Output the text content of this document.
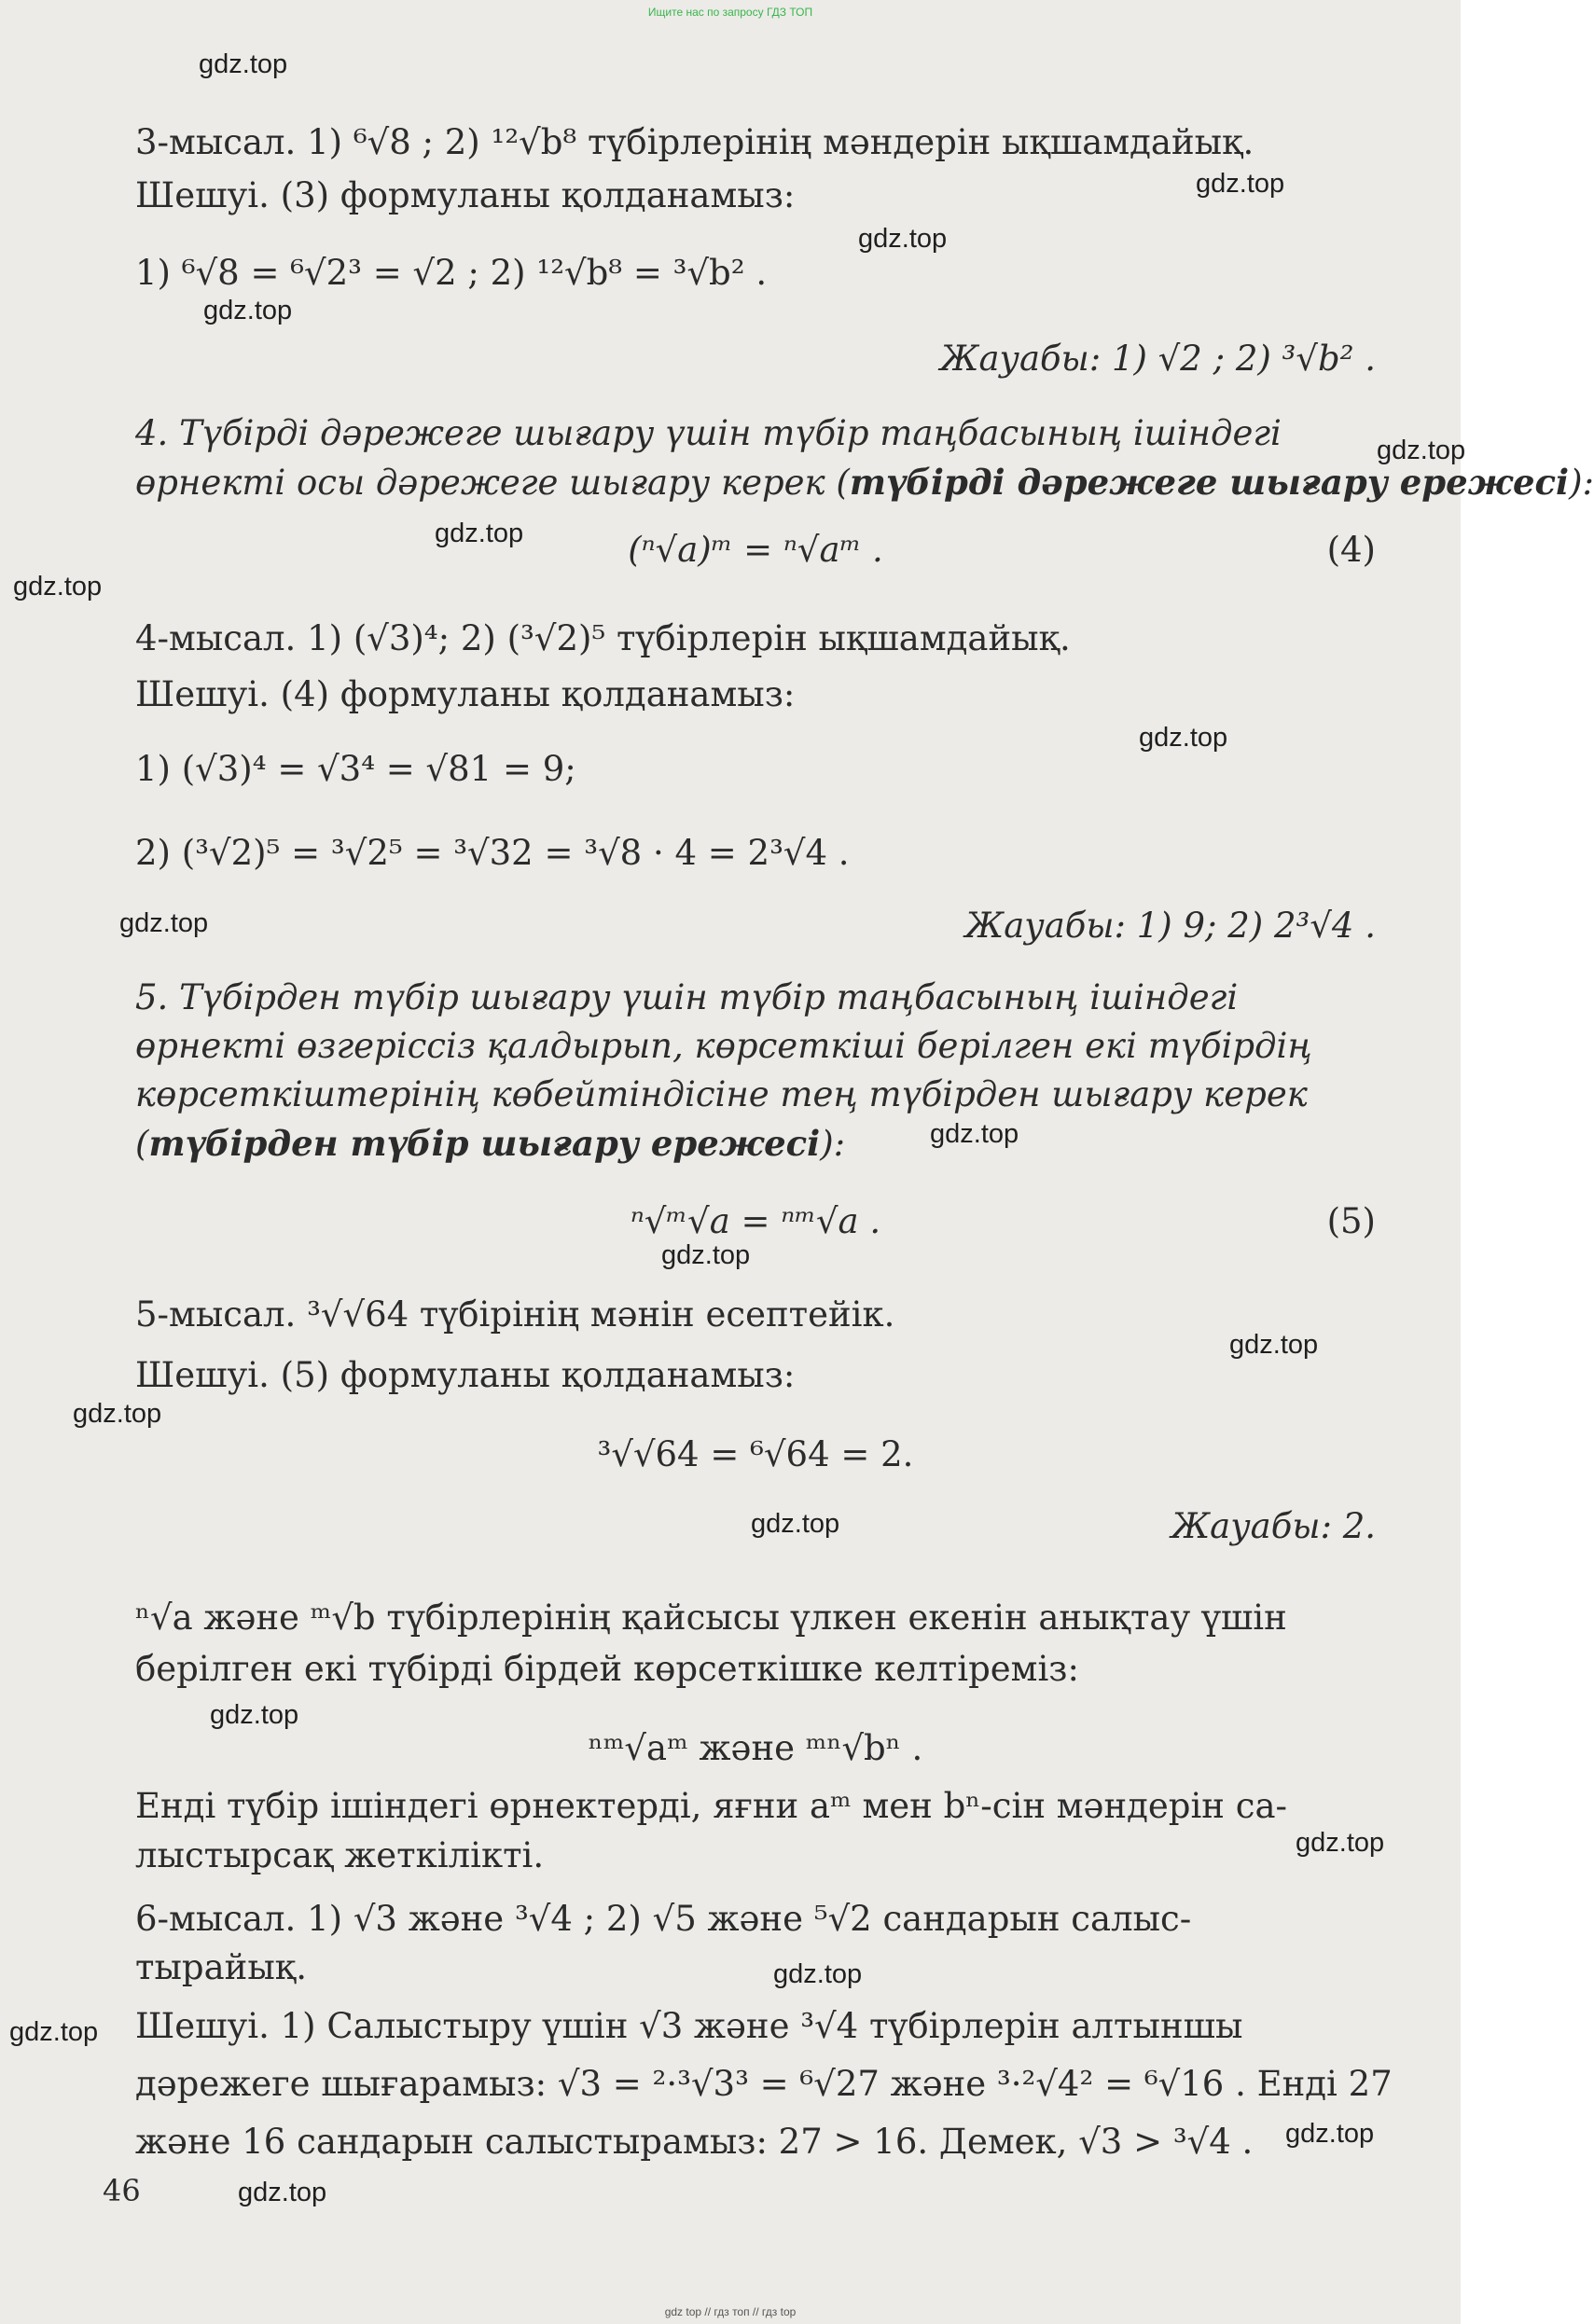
Ищите нас по запросу ГДЗ ТОП
gdz.top
gdz.top
gdz.top
gdz.top
gdz.top
gdz.top
gdz.top
gdz.top
gdz.top
gdz.top
gdz.top
gdz.top
gdz.top
gdz.top
gdz.top
gdz.top
gdz.top
gdz.top
gdz.top
gdz.top
3-мысал. 1) ⁶√8 ; 2) ¹²√b⁸ түбірлерінің мәндерін ықшамдайық.
Шешуі. (3) формуланы қолданамыз:
1) ⁶√8 = ⁶√2³ = √2 ; 2) ¹²√b⁸ = ³√b² .
Жауабы: 1) √2 ; 2) ³√b² .
4. Түбірді дәрежеге шығару үшін түбір таңбасының ішіндегі
өрнекті осы дәрежеге шығару керек (түбірді дәрежеге шығару ережесі):
(ⁿ√a)ᵐ = ⁿ√aᵐ .	(4)
4-мысал. 1) (√3)⁴; 2) (³√2)⁵ түбірлерін ықшамдайық.
Шешуі. (4) формуланы қолданамыз:
1) (√3)⁴ = √3⁴ = √81 = 9;
2) (³√2)⁵ = ³√2⁵ = ³√32 = ³√8 · 4 = 2³√4 .
Жауабы: 1) 9; 2) 2³√4 .
5. Түбірден түбір шығару үшін түбір таңбасының ішіндегі
өрнекті өзгеріссіз қалдырып, көрсеткіші берілген екі түбірдің
көрсеткіштерінің көбейтіндісіне тең түбірден шығару керек
(түбірден түбір шығару ережесі):
ⁿ√ᵐ√a = ⁿᵐ√a .	(5)
5-мысал. ³√√64 түбірінің мәнін есептейік.
Шешуі. (5) формуланы қолданамыз:
³√√64 = ⁶√64 = 2.
Жауабы: 2.
ⁿ√a және ᵐ√b түбірлерінің қайсысы үлкен екенін анықтау үшін
берілген екі түбірді бірдей көрсеткішке келтіреміз:
ⁿᵐ√aᵐ және ᵐⁿ√bⁿ .
Енді түбір ішіндегі өрнектерді, яғни aᵐ мен bⁿ-сін мәндерін са-
лыстырсақ жеткілікті.
6-мысал. 1) √3 және ³√4 ; 2) √5 және ⁵√2 сандарын салыс-
тырайық.
Шешуі. 1) Салыстыру үшін √3 және ³√4 түбірлерін алтыншы
дәрежеге шығарамыз: √3 = ²·³√3³ = ⁶√27 және ³·²√4² = ⁶√16 . Енді 27
және 16 сандарын салыстырамыз: 27 > 16. Демек, √3 > ³√4 .
46
gdz top // гдз топ // гдз top
